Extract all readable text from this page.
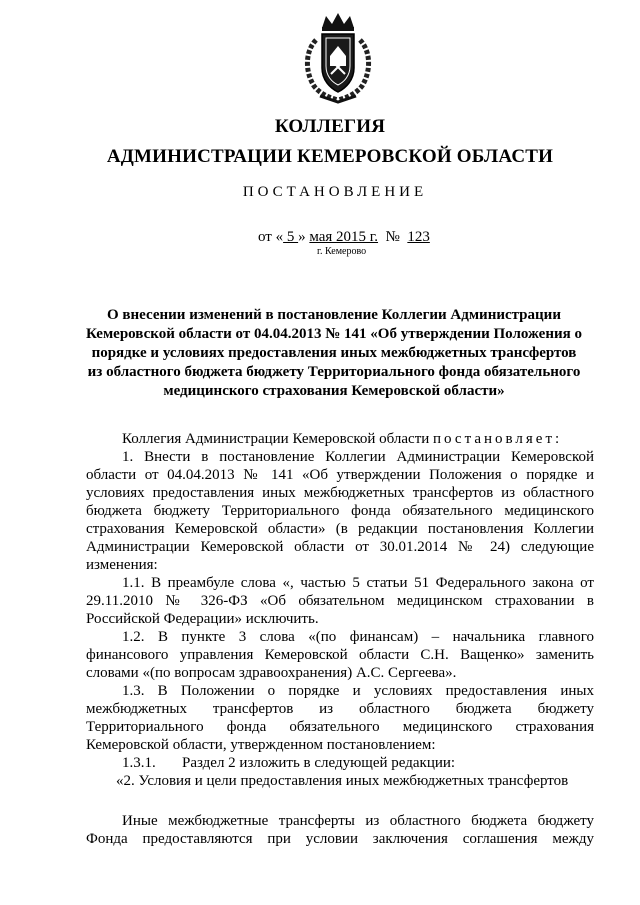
КОЛЛЕГИЯ
АДМИНИСТРАЦИИ КЕМЕРОВСКОЙ ОБЛАСТИ
ПОСТАНОВЛЕНИЕ
от « 5 » мая 2015 г. № 123
г. Кемерово
О внесении изменений в постановление Коллегии Администрации
Кемеровской области от 04.04.2013 № 141 «Об утверждении Положения о
порядке и условиях предоставления иных межбюджетных трансфертов
из областного бюджета бюджету Территориального фонда обязательного
медицинского страхования Кемеровской области»
Коллегия Администрации Кемеровской области постановляет:
1. Внести в постановление Коллегии Администрации Кемеровской
области от 04.04.2013 № 141 «Об утверждении Положения о порядке и
условиях предоставления иных межбюджетных трансфертов из областного
бюджета бюджету Территориального фонда обязательного медицинского
страхования Кемеровской области» (в редакции постановления Коллегии
Администрации Кемеровской области от 30.01.2014 № 24) следующие
изменения:
1.1. В преамбуле слова «, частью 5 статьи 51 Федерального закона от
29.11.2010 № 326-ФЗ «Об обязательном медицинском страховании в
Российской Федерации» исключить.
1.2. В пункте 3 слова «(по финансам) – начальника главного
финансового управления Кемеровской области С.Н. Ващенко» заменить
словами «(по вопросам здравоохранения) А.С. Сергеева».
1.3. В Положении о порядке и условиях предоставления иных
межбюджетных трансфертов из областного бюджета бюджету
Территориального фонда обязательного медицинского страхования
Кемеровской области, утвержденном постановлением:
1.3.1.       Раздел 2 изложить в следующей редакции:
«2. Условия и цели предоставления иных межбюджетных трансфертов
Иные межбюджетные трансферты из областного бюджета бюджету
Фонда предоставляются при условии заключения соглашения между
